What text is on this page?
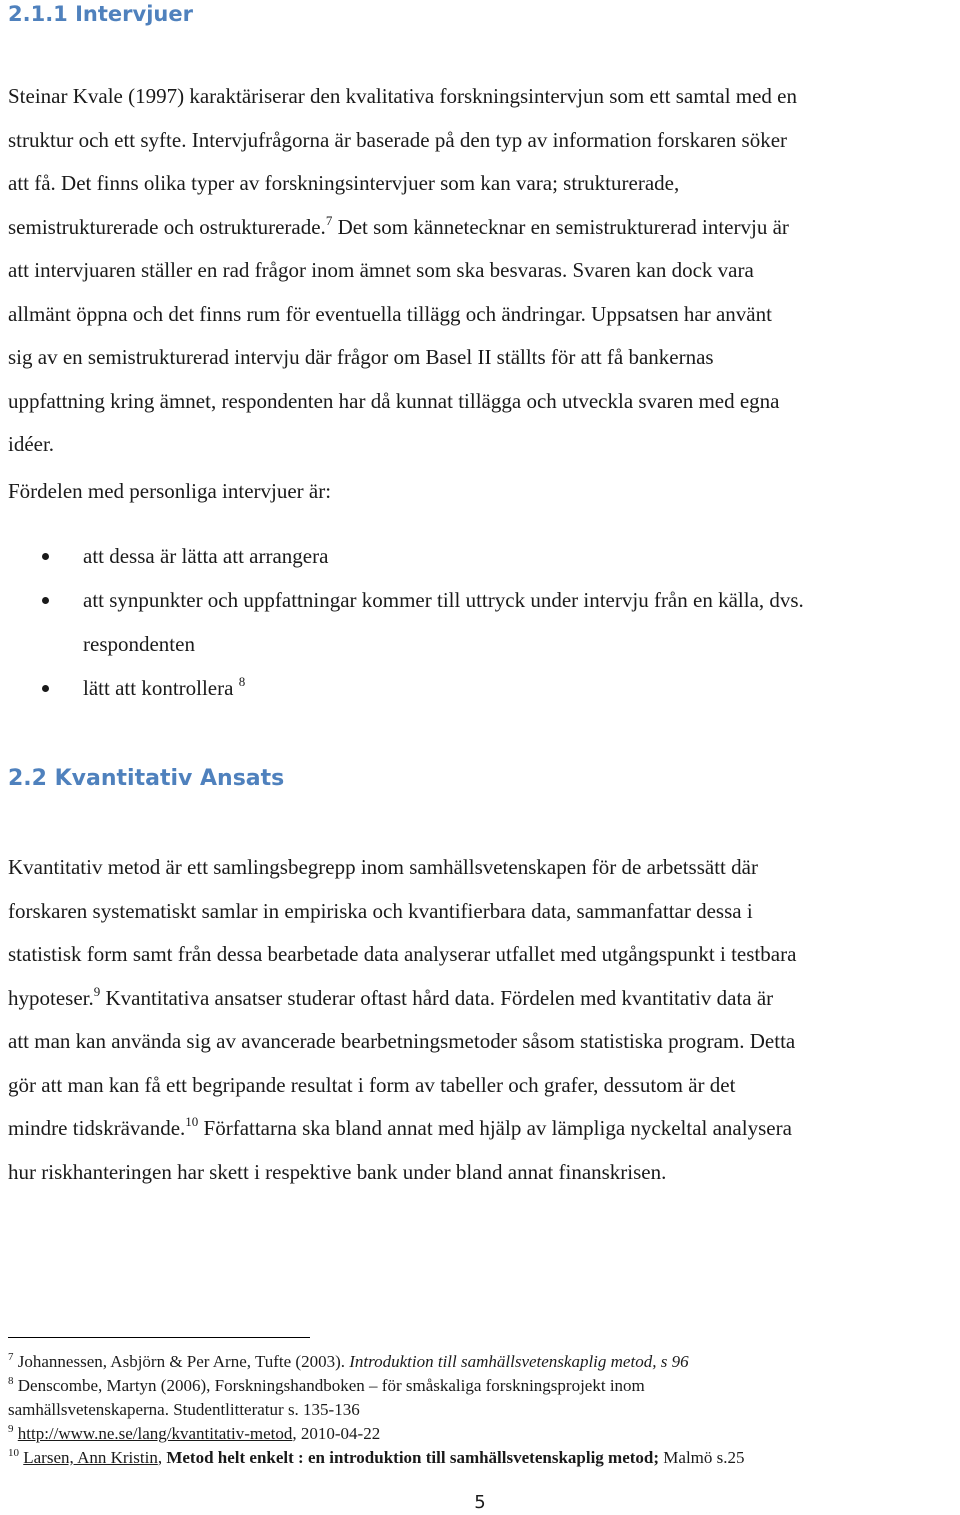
2.1.1 Intervjuer
Steinar Kvale (1997) karaktäriserar den kvalitativa forskningsintervjun som ett samtal med en
struktur och ett syfte. Intervjufrågorna är baserade på den typ av information forskaren söker
att få. Det finns olika typer av forskningsintervjuer som kan vara; strukturerade,
semistrukturerade och ostrukturerade.$^7$ Det som kännetecknar en semistrukturerad intervju är
att intervjuaren ställer en rad frågor inom ämnet som ska besvaras. Svaren kan dock vara
allmänt öppna och det finns rum för eventuella tillägg och ändringar. Uppsatsen har använt
sig av en semistrukturerad intervju där frågor om Basel II ställts för att få bankernas
uppfattning kring ämnet, respondenten har då kunnat tillägga och utveckla svaren med egna
idéer.
Fördelen med personliga intervjuer är:
att dessa är lätta att arrangera
att synpunkter och uppfattningar kommer till uttryck under intervju från en källa, dvs.
respondenten
lätt att kontrollera $^8$
2.2 Kvantitativ Ansats
Kvantitativ metod är ett samlingsbegrepp inom samhällsvetenskapen för de arbetssätt där
forskaren systematiskt samlar in empiriska och kvantifierbara data, sammanfattar dessa i
statistisk form samt från dessa bearbetade data analyserar utfallet med utgångspunkt i testbara
hypoteser.$^9$ Kvantitativa ansatser studerar oftast hård data. Fördelen med kvantitativ data är
att man kan använda sig av avancerade bearbetningsmetoder såsom statistiska program. Detta
gör att man kan få ett begripande resultat i form av tabeller och grafer, dessutom är det
mindre tidskrävande.$^{10}$ Författarna ska bland annat med hjälp av lämpliga nyckeltal analysera
hur riskhanteringen har skett i respektive bank under bland annat finanskrisen.
$^7$ Johannessen, Asbjörn & Per Arne, Tufte (2003). Introduktion till samhällsvetenskaplig metod, s 96
$^8$ Denscombe, Martyn (2006), Forskningshandboken – för småskaliga forskningsprojekt inom
samhällsvetenskaperna. Studentlitteratur s. 135-136
$^9$ http://www.ne.se/lang/kvantitativ-metod, 2010-04-22
$^{10}$ Larsen, Ann Kristin, Metod helt enkelt : en introduktion till samhällsvetenskaplig metod; Malmö s.25
5
